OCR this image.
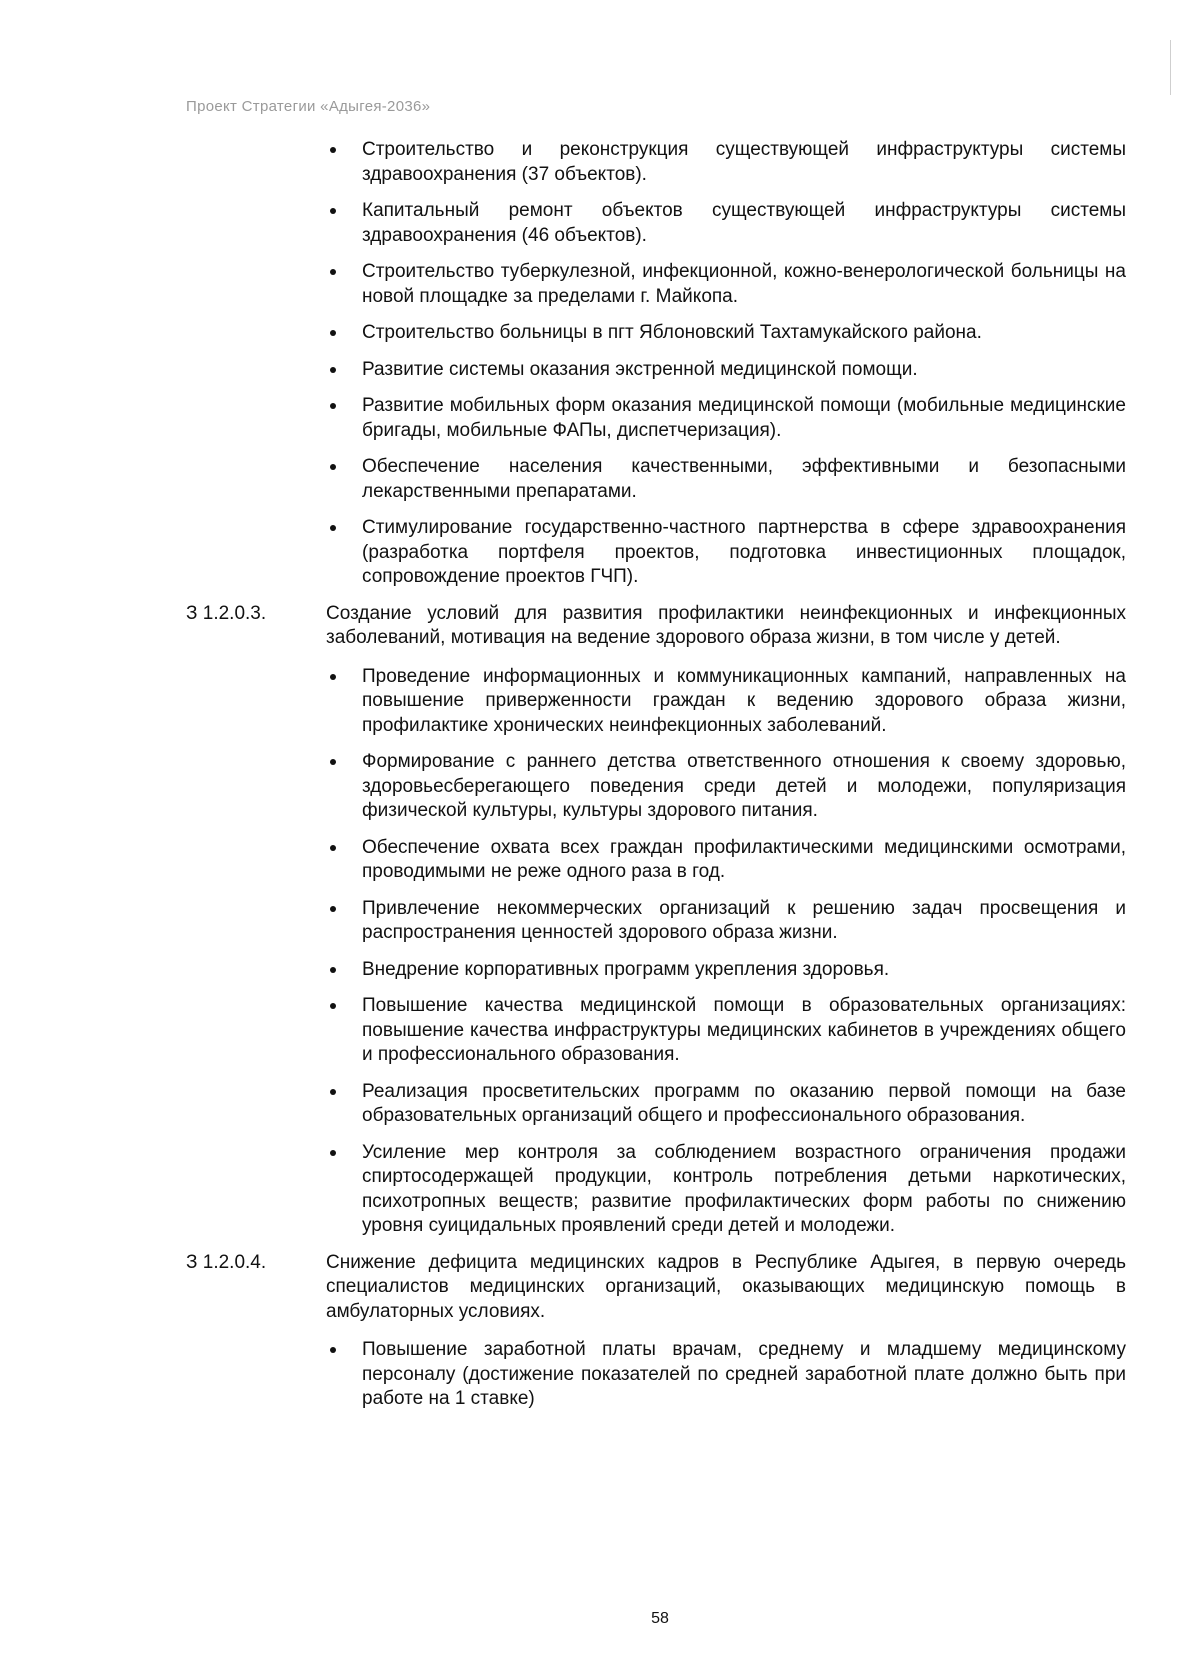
Проект Стратегии «Адыгея-2036»
Строительство и реконструкция существующей инфраструктуры системы здравоохранения (37 объектов).
Капитальный ремонт объектов существующей инфраструктуры системы здравоохранения (46 объектов).
Строительство туберкулезной, инфекционной, кожно-венерологической больницы на новой площадке за пределами г. Майкопа.
Строительство больницы в пгт Яблоновский Тахтамукайского района.
Развитие системы оказания экстренной медицинской помощи.
Развитие мобильных форм оказания медицинской помощи (мобильные медицинские бригады, мобильные ФАПы, диспетчеризация).
Обеспечение населения качественными, эффективными и безопасными лекарственными препаратами.
Стимулирование государственно-частного партнерства в сфере здравоохранения (разработка портфеля проектов, подготовка инвестиционных площадок, сопровождение проектов ГЧП).
З 1.2.0.3.	Создание условий для развития профилактики неинфекционных и инфекционных заболеваний, мотивация на ведение здорового образа жизни, в том числе у детей.
Проведение информационных и коммуникационных кампаний, направленных на повышение приверженности граждан к ведению здорового образа жизни, профилактике хронических неинфекционных заболеваний.
Формирование с раннего детства ответственного отношения к своему здоровью, здоровьесберегающего поведения среди детей и молодежи, популяризация физической культуры, культуры здорового питания.
Обеспечение охвата всех граждан профилактическими медицинскими осмотрами, проводимыми не реже одного раза в год.
Привлечение некоммерческих организаций к решению задач просвещения и распространения ценностей здорового образа жизни.
Внедрение корпоративных программ укрепления здоровья.
Повышение качества медицинской помощи в образовательных организациях: повышение качества инфраструктуры медицинских кабинетов в учреждениях общего и профессионального образования.
Реализация просветительских программ по оказанию первой помощи на базе образовательных организаций общего и профессионального образования.
Усиление мер контроля за соблюдением возрастного ограничения продажи спиртосодержащей продукции, контроль потребления детьми наркотических, психотропных веществ; развитие профилактических форм работы по снижению уровня суицидальных проявлений среди детей и молодежи.
З 1.2.0.4.	Снижение дефицита медицинских кадров в Республике Адыгея, в первую очередь специалистов медицинских организаций, оказывающих медицинскую помощь в амбулаторных условиях.
Повышение заработной платы врачам, среднему и младшему медицинскому персоналу (достижение показателей по средней заработной плате должно быть при работе на 1 ставке)
58
